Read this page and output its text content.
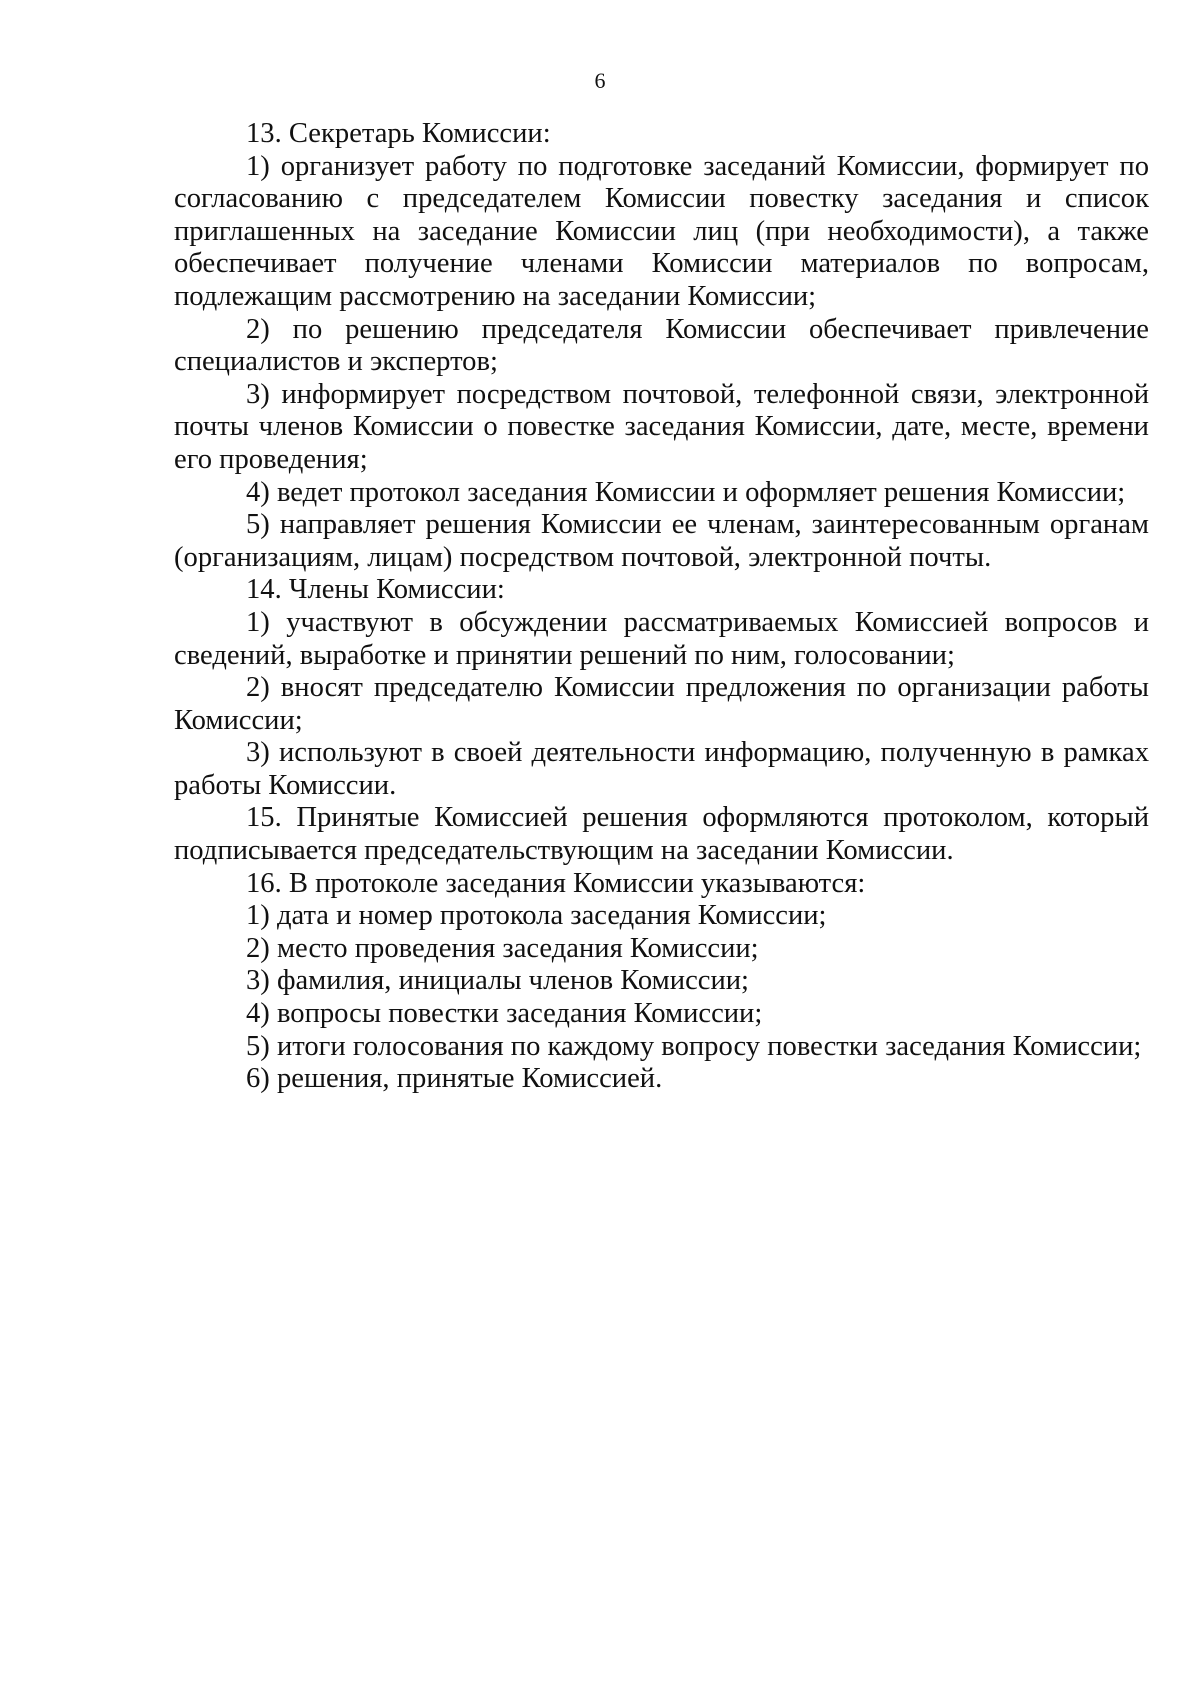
6

13. Секретарь Комиссии:

1) организует работу по подготовке заседаний Комиссии, формирует по согласованию с председателем Комиссии повестку заседания и список приглашенных на заседание Комиссии лиц (при необходимости), а также обеспечивает получение членами Комиссии материалов по вопросам, подлежащим рассмотрению на заседании Комиссии;

2) по решению председателя Комиссии обеспечивает привлечение специалистов и экспертов;

3) информирует посредством почтовой, телефонной связи, электронной почты членов Комиссии о повестке заседания Комиссии, дате, месте, времени его проведения;

4) ведет протокол заседания Комиссии и оформляет решения Комиссии;

5) направляет решения Комиссии ее членам, заинтересованным органам (организациям, лицам) посредством почтовой, электронной почты.

14. Члены Комиссии:

1) участвуют в обсуждении рассматриваемых Комиссией вопросов и сведений, выработке и принятии решений по ним, голосовании;

2) вносят председателю Комиссии предложения по организации работы Комиссии;

3) используют в своей деятельности информацию, полученную в рамках работы Комиссии.

15. Принятые Комиссией решения оформляются протоколом, который подписывается председательствующим на заседании Комиссии.

16. В протоколе заседания Комиссии указываются:

1) дата и номер протокола заседания Комиссии;

2) место проведения заседания Комиссии;

3) фамилия, инициалы членов Комиссии;

4) вопросы повестки заседания Комиссии;

5) итоги голосования по каждому вопросу повестки заседания Комиссии;

6) решения, принятые Комиссией.
